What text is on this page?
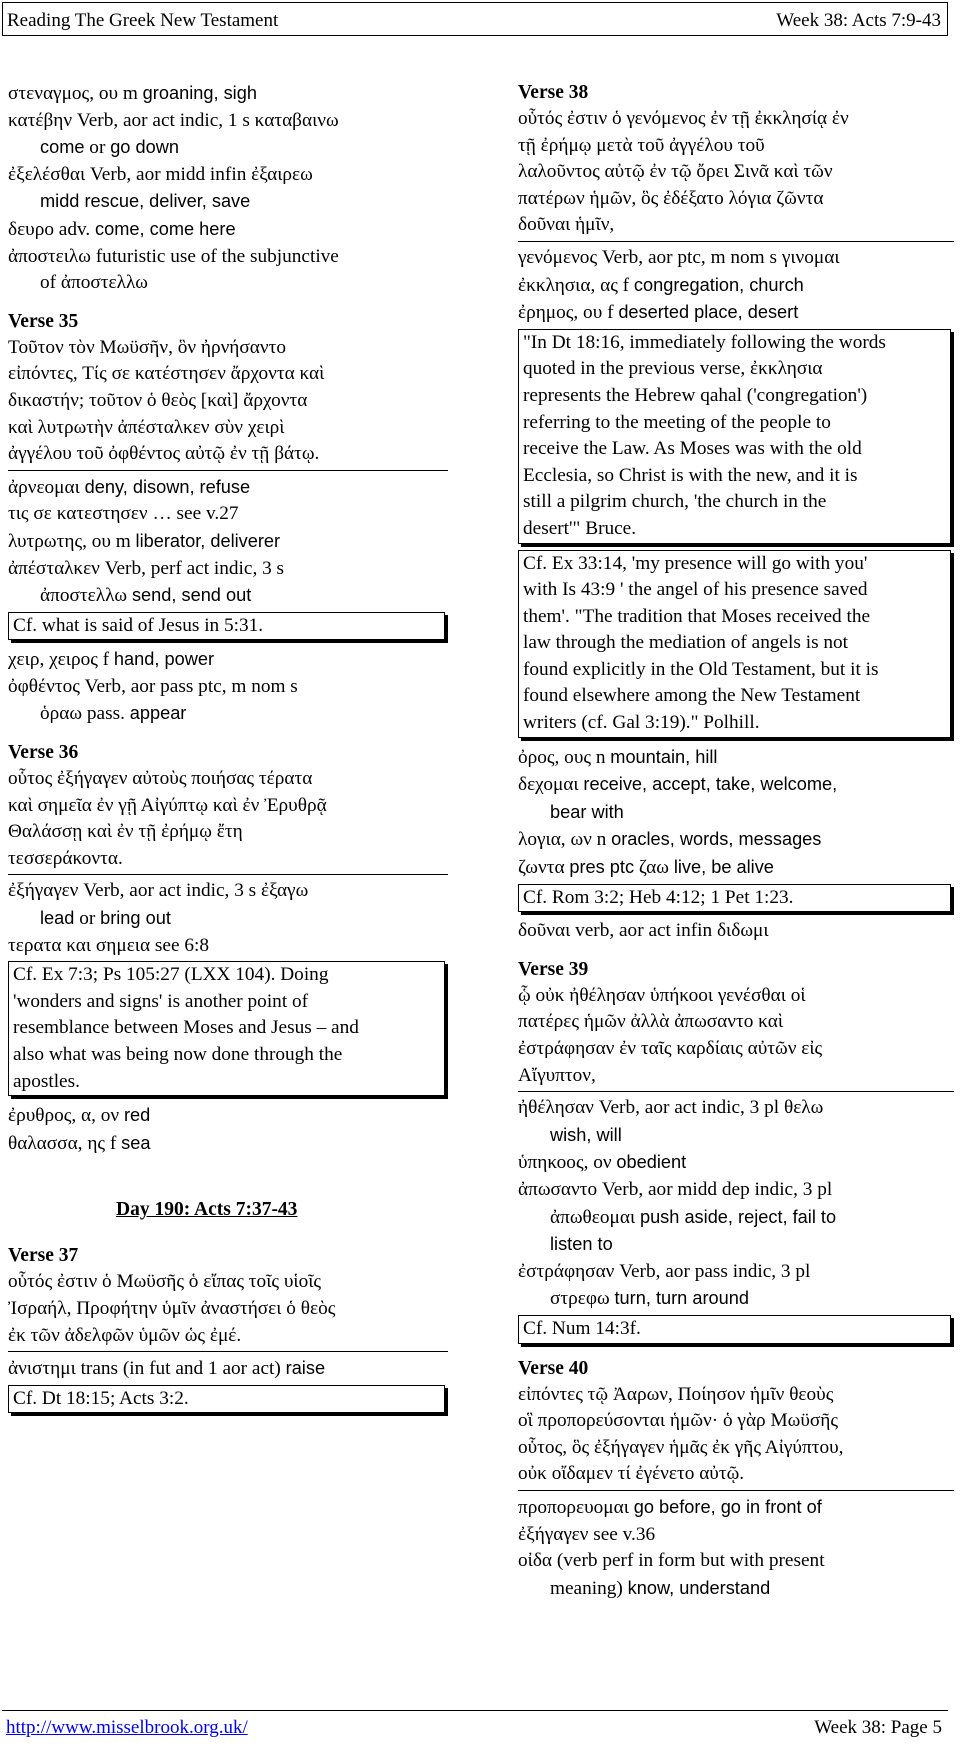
Reading The Greek New Testament	Week 38: Acts 7:9-43
στεναγμος, ου m groaning, sigh
κατέβην Verb, aor act indic, 1 s καταβαινω
come or go down
ἐξελέσθαι Verb, aor midd infin ἐξαιρεω
midd rescue, deliver, save
δευρο adv. come, come here
ἀποστειλω futuristic use of the subjunctive
of ἀποστελλω
Verse 35
Τοῦτον τὸν Μωϋσῆν, ὃν ἠρνήσαντο
εἰπόντες, Τίς σε κατέστησεν ἄρχοντα καὶ
δικαστήν; τοῦτον ὁ θεὸς [καὶ] ἄρχοντα
καὶ λυτρωτὴν ἀπέσταλκεν σὺν χειρὶ
ἀγγέλου τοῦ ὀφθέντος αὐτῷ ἐν τῇ βάτῳ.
ἀρνεομαι deny, disown, refuse
τις σε κατεστησεν … see v.27
λυτρωτης, ου m liberator, deliverer
ἀπέσταλκεν Verb, perf act indic, 3 s
ἀποστελλω send, send out
Cf. what is said of Jesus in 5:31.
χειρ, χειρος f hand, power
ὀφθέντος Verb, aor pass ptc, m nom s
ὁραω pass. appear
Verse 36
οὗτος ἐξήγαγεν αὐτοὺς ποιήσας τέρατα
καὶ σημεῖα ἐν γῇ Αἰγύπτῳ καὶ ἐν Ἐρυθρᾷ
Θαλάσσῃ καὶ ἐν τῇ ἐρήμῳ ἔτη
τεσσεράκοντα.
ἐξήγαγεν Verb, aor act indic, 3 s ἐξαγω
lead or bring out
τερατα και σημεια see 6:8
Cf. Ex 7:3; Ps 105:27 (LXX 104). Doing
'wonders and signs' is another point of
resemblance between Moses and Jesus – and
also what was being now done through the
apostles.
ἐρυθρος, α, ον red
θαλασσα, ης f sea
Day 190: Acts 7:37-43
Verse 37
οὗτός ἐστιν ὁ Μωϋσῆς ὁ εἴπας τοῖς υἱοῖς
Ἰσραήλ, Προφήτην ὑμῖν ἀναστήσει ὁ θεὸς
ἐκ τῶν ἀδελφῶν ὑμῶν ὡς ἐμέ.
ἀνιστημι trans (in fut and 1 aor act) raise
Cf. Dt 18:15; Acts 3:2.
Verse 38
οὗτός ἐστιν ὁ γενόμενος ἐν τῇ ἐκκλησίᾳ ἐν
τῇ ἐρήμῳ μετὰ τοῦ ἀγγέλου τοῦ
λαλοῦντος αὐτῷ ἐν τῷ ὄρει Σινᾶ καὶ τῶν
πατέρων ἡμῶν, ὃς ἐδέξατο λόγια ζῶντα
δοῦναι ἡμῖν,
γενόμενος Verb, aor ptc, m nom s γινομαι
ἐκκλησια, ας f congregation, church
ἐρημος, ου f deserted place, desert
"In Dt 18:16, immediately following the words
quoted in the previous verse, ἐκκλησια
represents the Hebrew qahal ('congregation')
referring to the meeting of the people to
receive the Law. As Moses was with the old
Ecclesia, so Christ is with the new, and it is
still a pilgrim church, 'the church in the
desert'" Bruce.
Cf. Ex 33:14, 'my presence will go with you'
with Is 43:9 ' the angel of his presence saved
them'. "The tradition that Moses received the
law through the mediation of angels is not
found explicitly in the Old Testament, but it is
found elsewhere among the New Testament
writers (cf. Gal 3:19)." Polhill.
ὀρος, ους n mountain, hill
δεχομαι receive, accept, take, welcome,
bear with
λογια, ων n oracles, words, messages
ζωντα pres ptc ζαω live, be alive
Cf. Rom 3:2; Heb 4:12; 1 Pet 1:23.
δοῦναι verb, aor act infin διδωμι
Verse 39
ᾧ οὐκ ἠθέλησαν ὑπήκοοι γενέσθαι οἱ
πατέρες ἡμῶν ἀλλὰ ἀπωσαντο καὶ
ἐστράφησαν ἐν ταῖς καρδίαις αὐτῶν εἰς
Αἴγυπτον,
ἠθέλησαν Verb, aor act indic, 3 pl θελω
wish, will
ὑπηκοος, ον obedient
ἀπωσαντο Verb, aor midd dep indic, 3 pl
ἀπωθεομαι push aside, reject, fail to
listen to
ἐστράφησαν Verb, aor pass indic, 3 pl
στρεφω turn, turn around
Cf. Num 14:3f.
Verse 40
εἰπόντες τῷ Ἀαρων, Ποίησον ἡμῖν θεοὺς
οἳ προπορεύσονται ἡμῶν· ὁ γὰρ Μωϋσῆς
οὗτος, ὃς ἐξήγαγεν ἡμᾶς ἐκ γῆς Αἰγύπτου,
οὐκ οἴδαμεν τί ἐγένετο αὐτῷ.
προπορευομαι go before, go in front of
ἐξήγαγεν see v.36
οἰδα (verb perf in form but with present
meaning) know, understand
http://www.misselbrook.org.uk/	Week 38: Page 5
